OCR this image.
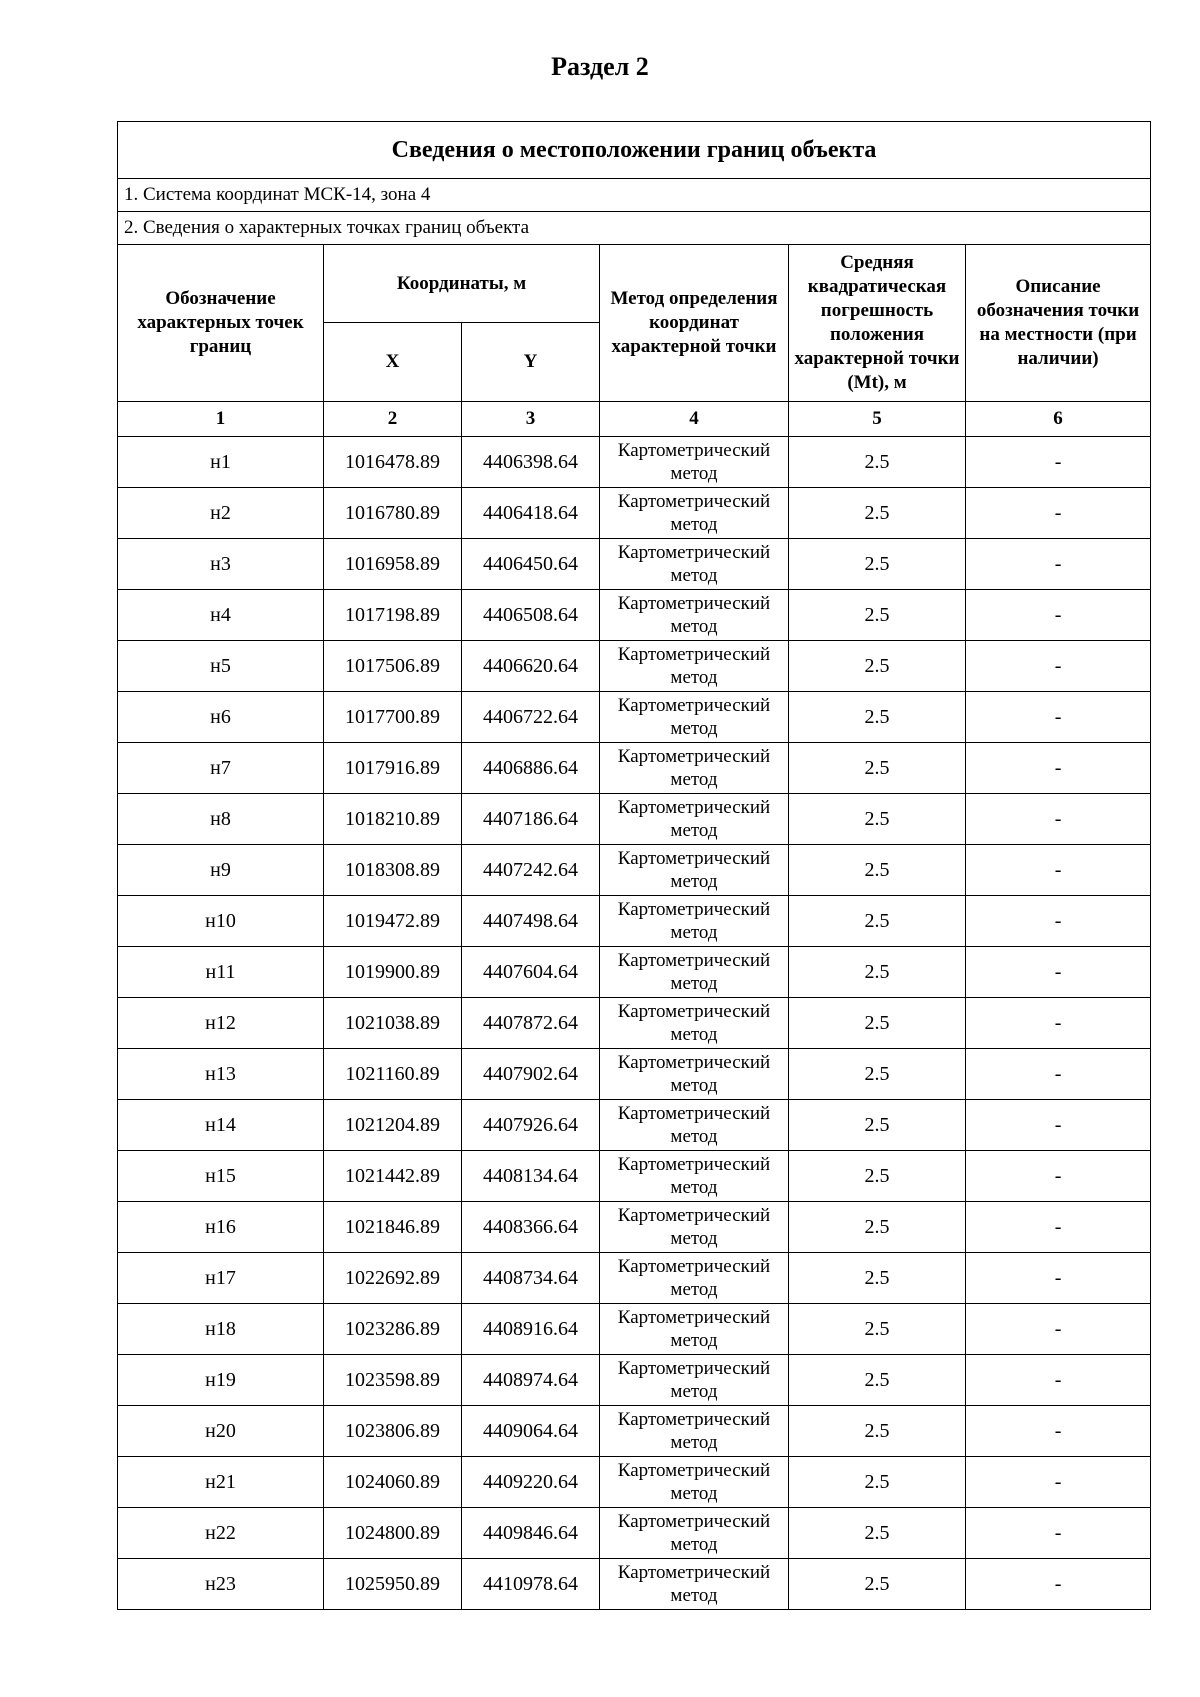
Раздел 2
Сведения о местоположении границ объекта					
1. Система координат МСК-14, зона 4					
2. Сведения о характерных точках границ объекта					
Обозначение характерных точек границ	Координаты, м		Метод определения координат характерной точки	Средняя квадратическая погрешность положения характерной точки (Mt), м	Описание обозначения точки на местности (при наличии)
	X	Y			
1	2	3	4	5	6
н1	1016478.89	4406398.64	Картометрический метод	2.5	-
н2	1016780.89	4406418.64	Картометрический метод	2.5	-
н3	1016958.89	4406450.64	Картометрический метод	2.5	-
н4	1017198.89	4406508.64	Картометрический метод	2.5	-
н5	1017506.89	4406620.64	Картометрический метод	2.5	-
н6	1017700.89	4406722.64	Картометрический метод	2.5	-
н7	1017916.89	4406886.64	Картометрический метод	2.5	-
н8	1018210.89	4407186.64	Картометрический метод	2.5	-
н9	1018308.89	4407242.64	Картометрический метод	2.5	-
н10	1019472.89	4407498.64	Картометрический метод	2.5	-
н11	1019900.89	4407604.64	Картометрический метод	2.5	-
н12	1021038.89	4407872.64	Картометрический метод	2.5	-
н13	1021160.89	4407902.64	Картометрический метод	2.5	-
н14	1021204.89	4407926.64	Картометрический метод	2.5	-
н15	1021442.89	4408134.64	Картометрический метод	2.5	-
н16	1021846.89	4408366.64	Картометрический метод	2.5	-
н17	1022692.89	4408734.64	Картометрический метод	2.5	-
н18	1023286.89	4408916.64	Картометрический метод	2.5	-
н19	1023598.89	4408974.64	Картометрический метод	2.5	-
н20	1023806.89	4409064.64	Картометрический метод	2.5	-
н21	1024060.89	4409220.64	Картометрический метод	2.5	-
н22	1024800.89	4409846.64	Картометрический метод	2.5	-
н23	1025950.89	4410978.64	Картометрический метод	2.5	-
